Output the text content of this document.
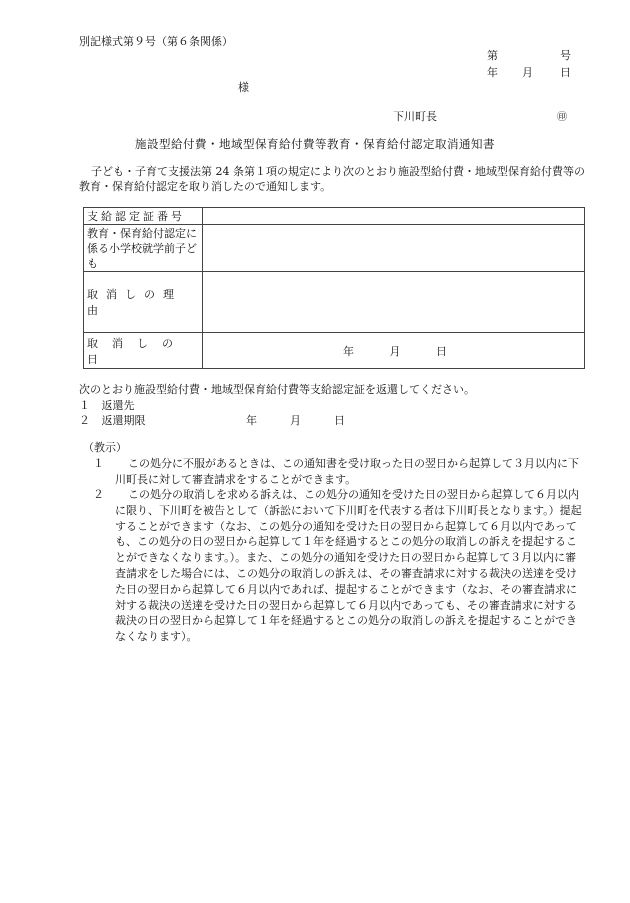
別記様式第９号（第６条関係）
第	号
年 月 日
様
下川町長	㊞
施設型給付費・地域型保育給付費等教育・保育給付認定取消通知書
子ども・子育て支援法第 24 条第１項の規定により次のとおり施設型給付費・地域型保育給付費等の教育・保育給付認定を取り消したので通知します。
支給認定証番号	
教育・保育給付認定に係る小学校就学前子ども	
取消しの理由	
取消しの日	年 月 日
次のとおり施設型給付費・地域型保育給付費等支給認定証を返還してください。
１ 返還先
２ 返還期限	年	月	日
（教示）
１	この処分に不服があるときは、この通知書を受け取った日の翌日から起算して３月以内に下川町長に対して審査請求をすることができます。
２	この処分の取消しを求める訴えは、この処分の通知を受けた日の翌日から起算して６月以内に限り、下川町を被告として（訴訟において下川町を代表する者は下川町長となります。）提起することができます（なお、この処分の通知を受けた日の翌日から起算して６月以内であっても、この処分の日の翌日から起算して１年を経過するとこの処分の取消しの訴えを提起することができなくなります。）。また、この処分の通知を受けた日の翌日から起算して３月以内に審査請求をした場合には、この処分の取消しの訴えは、その審査請求に対する裁決の送達を受けた日の翌日から起算して６月以内であれば、提起することができます（なお、その審査請求に対する裁決の送達を受けた日の翌日から起算して６月以内であっても、その審査請求に対する裁決の日の翌日から起算して１年を経過するとこの処分の取消しの訴えを提起することができなくなります）。
